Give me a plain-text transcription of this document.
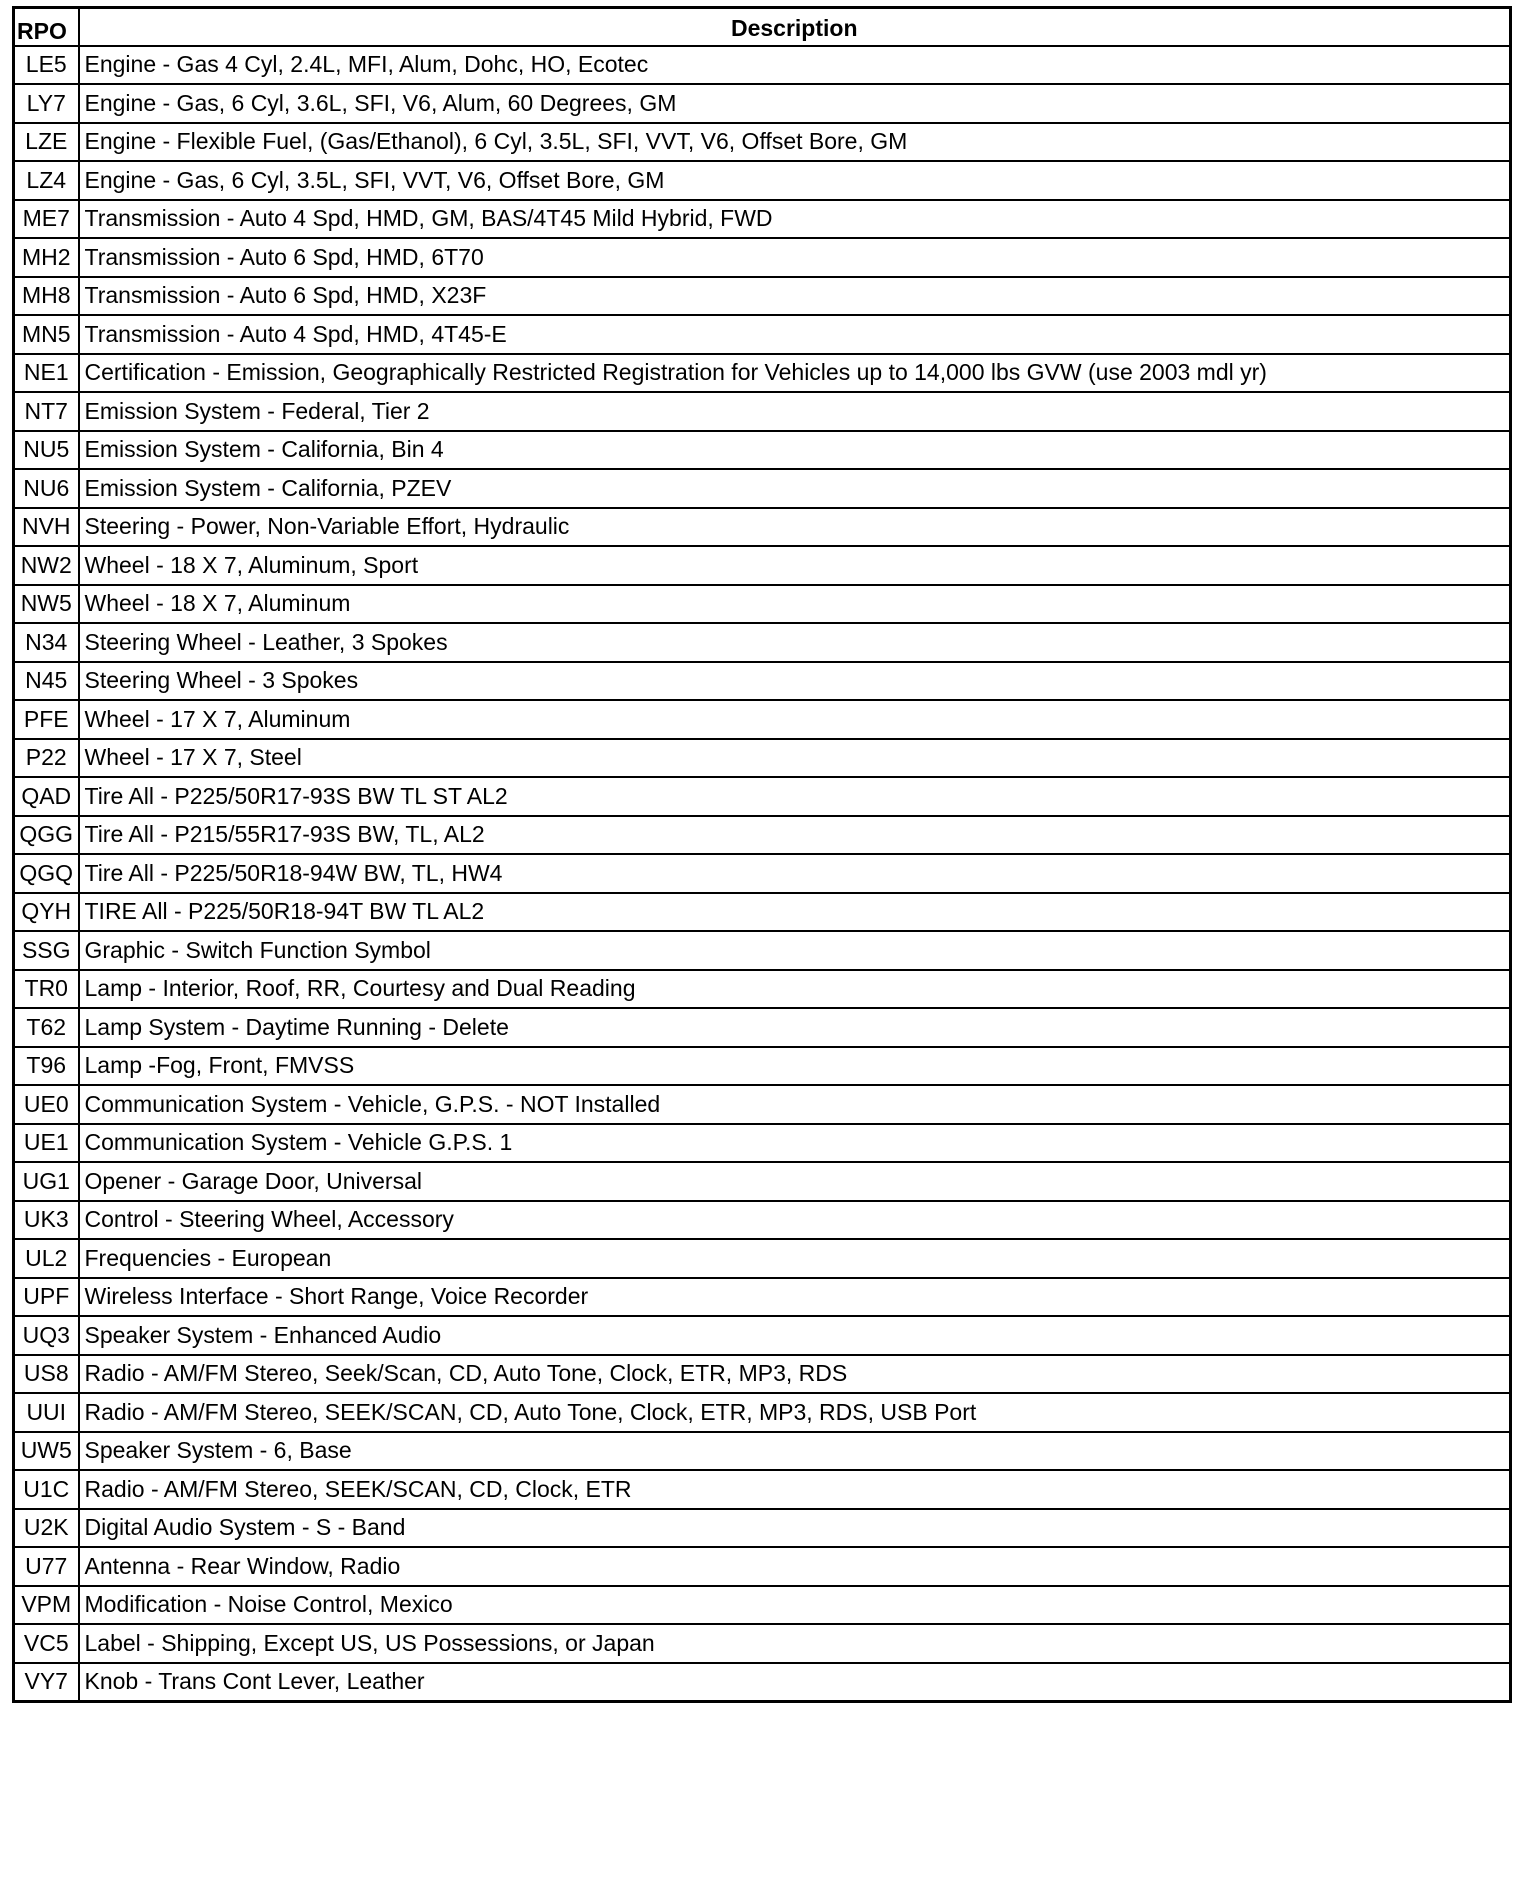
RPO	Description
LE5	Engine - Gas 4 Cyl, 2.4L, MFI, Alum, Dohc, HO, Ecotec
LY7	Engine - Gas, 6 Cyl, 3.6L, SFI, V6, Alum, 60 Degrees, GM
LZE	Engine - Flexible Fuel, (Gas/Ethanol), 6 Cyl, 3.5L, SFI, VVT, V6, Offset Bore, GM
LZ4	Engine - Gas, 6 Cyl, 3.5L, SFI, VVT, V6, Offset Bore, GM
ME7	Transmission - Auto 4 Spd, HMD, GM, BAS/4T45 Mild Hybrid, FWD
MH2	Transmission - Auto 6 Spd, HMD, 6T70
MH8	Transmission - Auto 6 Spd, HMD, X23F
MN5	Transmission - Auto 4 Spd, HMD, 4T45-E
NE1	Certification - Emission, Geographically Restricted Registration for Vehicles up to 14,000 lbs GVW (use 2003 mdl yr)
NT7	Emission System - Federal, Tier 2
NU5	Emission System - California, Bin 4
NU6	Emission System - California, PZEV
NVH	Steering - Power, Non-Variable Effort, Hydraulic
NW2	Wheel - 18 X 7, Aluminum, Sport
NW5	Wheel - 18 X 7, Aluminum
N34	Steering Wheel - Leather, 3 Spokes
N45	Steering Wheel - 3 Spokes
PFE	Wheel - 17 X 7, Aluminum
P22	Wheel - 17 X 7, Steel
QAD	Tire All - P225/50R17-93S BW TL ST AL2
QGG	Tire All - P215/55R17-93S BW, TL, AL2
QGQ	Tire All - P225/50R18-94W BW, TL, HW4
QYH	TIRE All - P225/50R18-94T BW TL AL2
SSG	Graphic - Switch Function Symbol
TR0	Lamp - Interior, Roof, RR, Courtesy and Dual Reading
T62	Lamp System - Daytime Running - Delete
T96	Lamp -Fog, Front, FMVSS
UE0	Communication System - Vehicle, G.P.S. - NOT Installed
UE1	Communication System - Vehicle G.P.S. 1
UG1	Opener - Garage Door, Universal
UK3	Control - Steering Wheel, Accessory
UL2	Frequencies - European
UPF	Wireless Interface - Short Range, Voice Recorder
UQ3	Speaker System - Enhanced Audio
US8	Radio - AM/FM Stereo, Seek/Scan, CD, Auto Tone, Clock, ETR, MP3, RDS
UUI	Radio - AM/FM Stereo, SEEK/SCAN, CD, Auto Tone, Clock, ETR, MP3, RDS, USB Port
UW5	Speaker System - 6, Base
U1C	Radio - AM/FM Stereo, SEEK/SCAN, CD, Clock, ETR
U2K	Digital Audio System - S - Band
U77	Antenna - Rear Window, Radio
VPM	Modification - Noise Control, Mexico
VC5	Label - Shipping, Except US, US Possessions, or Japan
VY7	Knob - Trans Cont Lever, Leather
